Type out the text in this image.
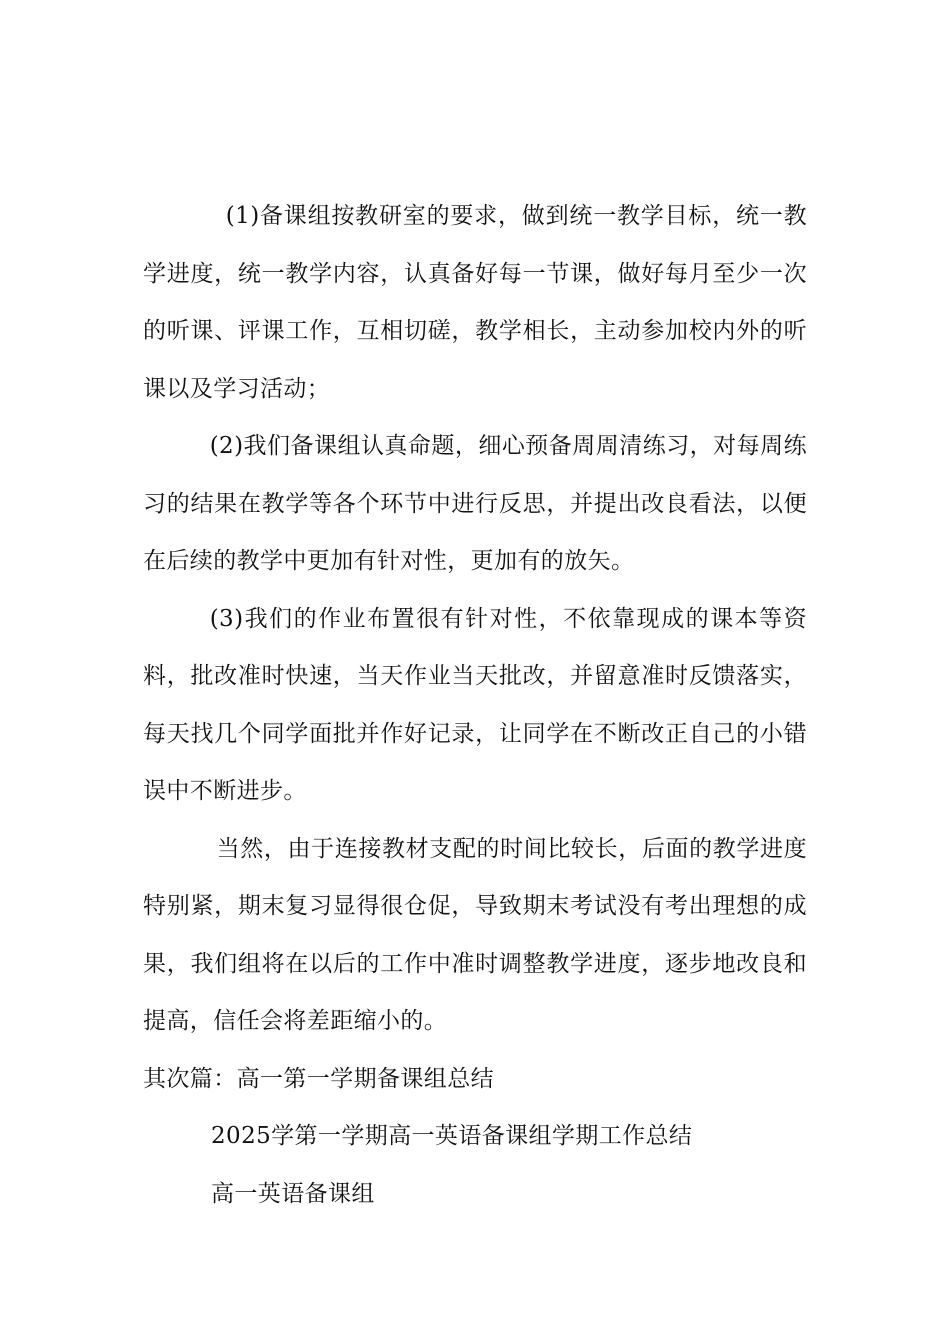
(1)备课组按教研室的要求，做到统一教学目标，统一教学进度，统一教学内容，认真备好每一节课，做好每月至少一次的听课、评课工作，互相切磋，教学相长，主动参加校内外的听课以及学习活动；

(2)我们备课组认真命题，细心预备周周清练习，对每周练习的结果在教学等各个环节中进行反思，并提出改良看法，以便在后续的教学中更加有针对性，更加有的放矢。

(3)我们的作业布置很有针对性，不依靠现成的课本等资料，批改准时快速，当天作业当天批改，并留意准时反馈落实，每天找几个同学面批并作好记录，让同学在不断改正自己的小错误中不断进步。

当然，由于连接教材支配的时间比较长，后面的教学进度特别紧，期末复习显得很仓促，导致期末考试没有考出理想的成果，我们组将在以后的工作中准时调整教学进度，逐步地改良和提高，信任会将差距缩小的。

其次篇：高一第一学期备课组总结

2025学第一学期高一英语备课组学期工作总结

高一英语备课组
